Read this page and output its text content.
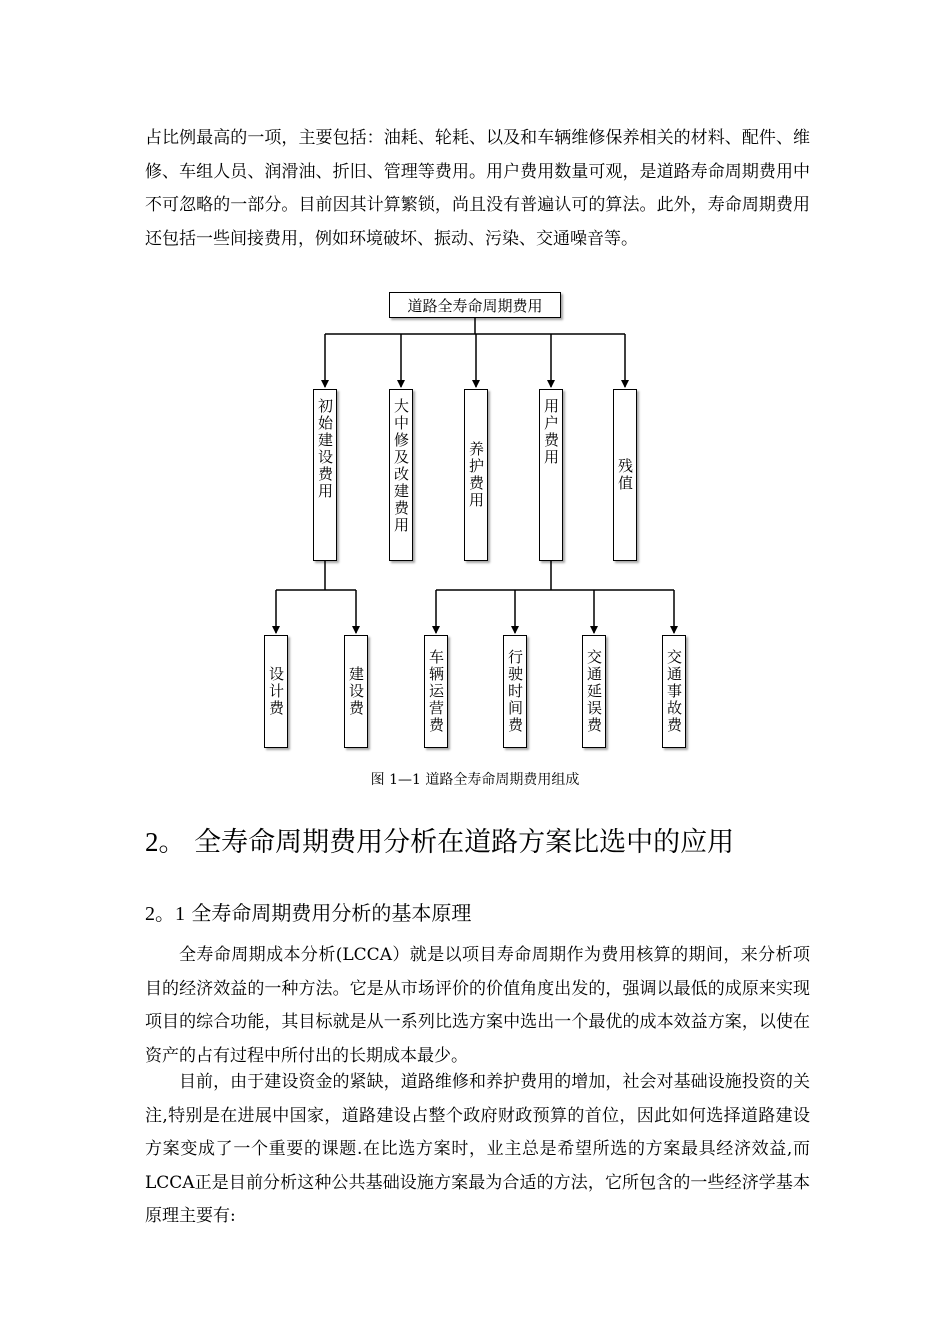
占比例最高的一项，主要包括：油耗、轮耗、以及和车辆维修保养相关的材料、配件、维修、车组人员、润滑油、折旧、管理等费用。用户费用数量可观，是道路寿命周期费用中不可忽略的一部分。目前因其计算繁锁，尚且没有普遍认可的算法。此外，寿命周期费用还包括一些间接费用，例如环境破坏、振动、污染、交通噪音等。

道路全寿命周期费用
初始建设费用	大中修及改建费用	养护费用
用户费用
残值
设计费	建设费	车辆运营费	行驶时间费	交通延误费	交通事故费
图 1—1 道路全寿命周期费用组成
2。 全寿命周期费用分析在道路方案比选中的应用
2。1 全寿命周期费用分析的基本原理

全寿命周期成本分析(LCCA）就是以项目寿命周期作为费用核算的期间，来分析项目的经济效益的一种方法。它是从市场评价的价值角度出发的，强调以最低的成原来实现项目的综合功能，其目标就是从一系列比选方案中选出一个最优的成本效益方案，以使在资产的占有过程中所付出的长期成本最少。

目前，由于建设资金的紧缺，道路维修和养护费用的增加，社会对基础设施投资的关注,特别是在进展中国家，道路建设占整个政府财政预算的首位，因此如何选择道路建设方案变成了一个重要的课题.在比选方案时，业主总是希望所选的方案最具经济效益,而LCCA正是目前分析这种公共基础设施方案最为合适的方法，它所包含的一些经济学基本原理主要有:
